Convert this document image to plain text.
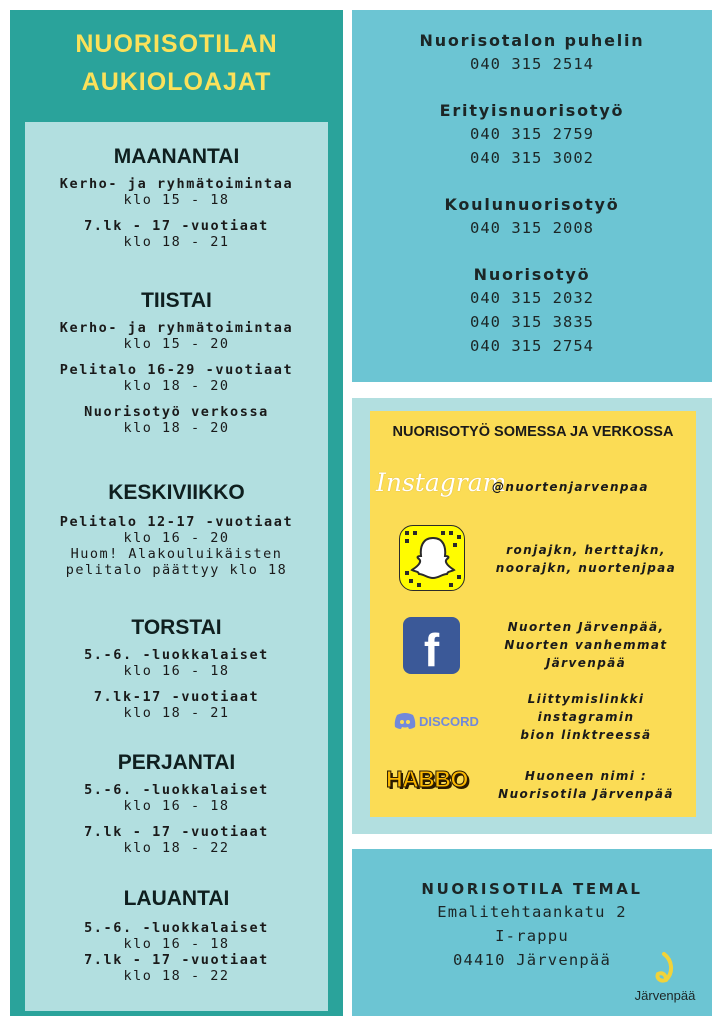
NUORISOTILAN
AUKIOLOAJAT
MAANANTAI
Kerho- ja ryhmätoimintaa
klo 15 - 18
7.lk - 17 -vuotiaat
klo 18 - 21
TIISTAI
Kerho- ja ryhmätoimintaa
klo 15 - 20
Pelitalo 16-29 -vuotiaat
klo 18 - 20
Nuorisotyö verkossa
klo 18 - 20
KESKIVIIKKO
Pelitalo 12-17 -vuotiaat
klo 16 - 20
Huom! Alakouluikäisten
pelitalo päättyy klo 18
TORSTAI
5.-6. -luokkalaiset
klo 16 - 18
7.lk-17 -vuotiaat
klo 18 - 21
PERJANTAI
5.-6. -luokkalaiset
klo 16 - 18
7.lk - 17 -vuotiaat
klo 18 - 22
LAUANTAI
5.-6. -luokkalaiset
klo 16 - 18
7.lk - 17 -vuotiaat
klo 18 - 22
Nuorisotalon puhelin
040 315 2514
Erityisnuorisotyö
040 315 2759
040 315 3002
Koulunuorisotyö
040 315 2008
Nuorisotyö
040 315 2032
040 315 3835
040 315 2754
NUORISOTYÖ SOMESSA JA VERKOSSA
Instagram
@nuortenjarvenpaa
ronjajkn, herttajkn,
noorajkn, nuortenjpaa
f	Nuorten Järvenpää,
Nuorten vanhemmat
Järvenpää
DISCORD
Liittymislinkki
instagramin
bion linktreessä
HABBO	Huoneen nimi :
Nuorisotila Järvenpää
NUORISOTILA TEMAL
Emalitehtaankatu 2
I-rappu
04410 Järvenpää
Järvenpää
